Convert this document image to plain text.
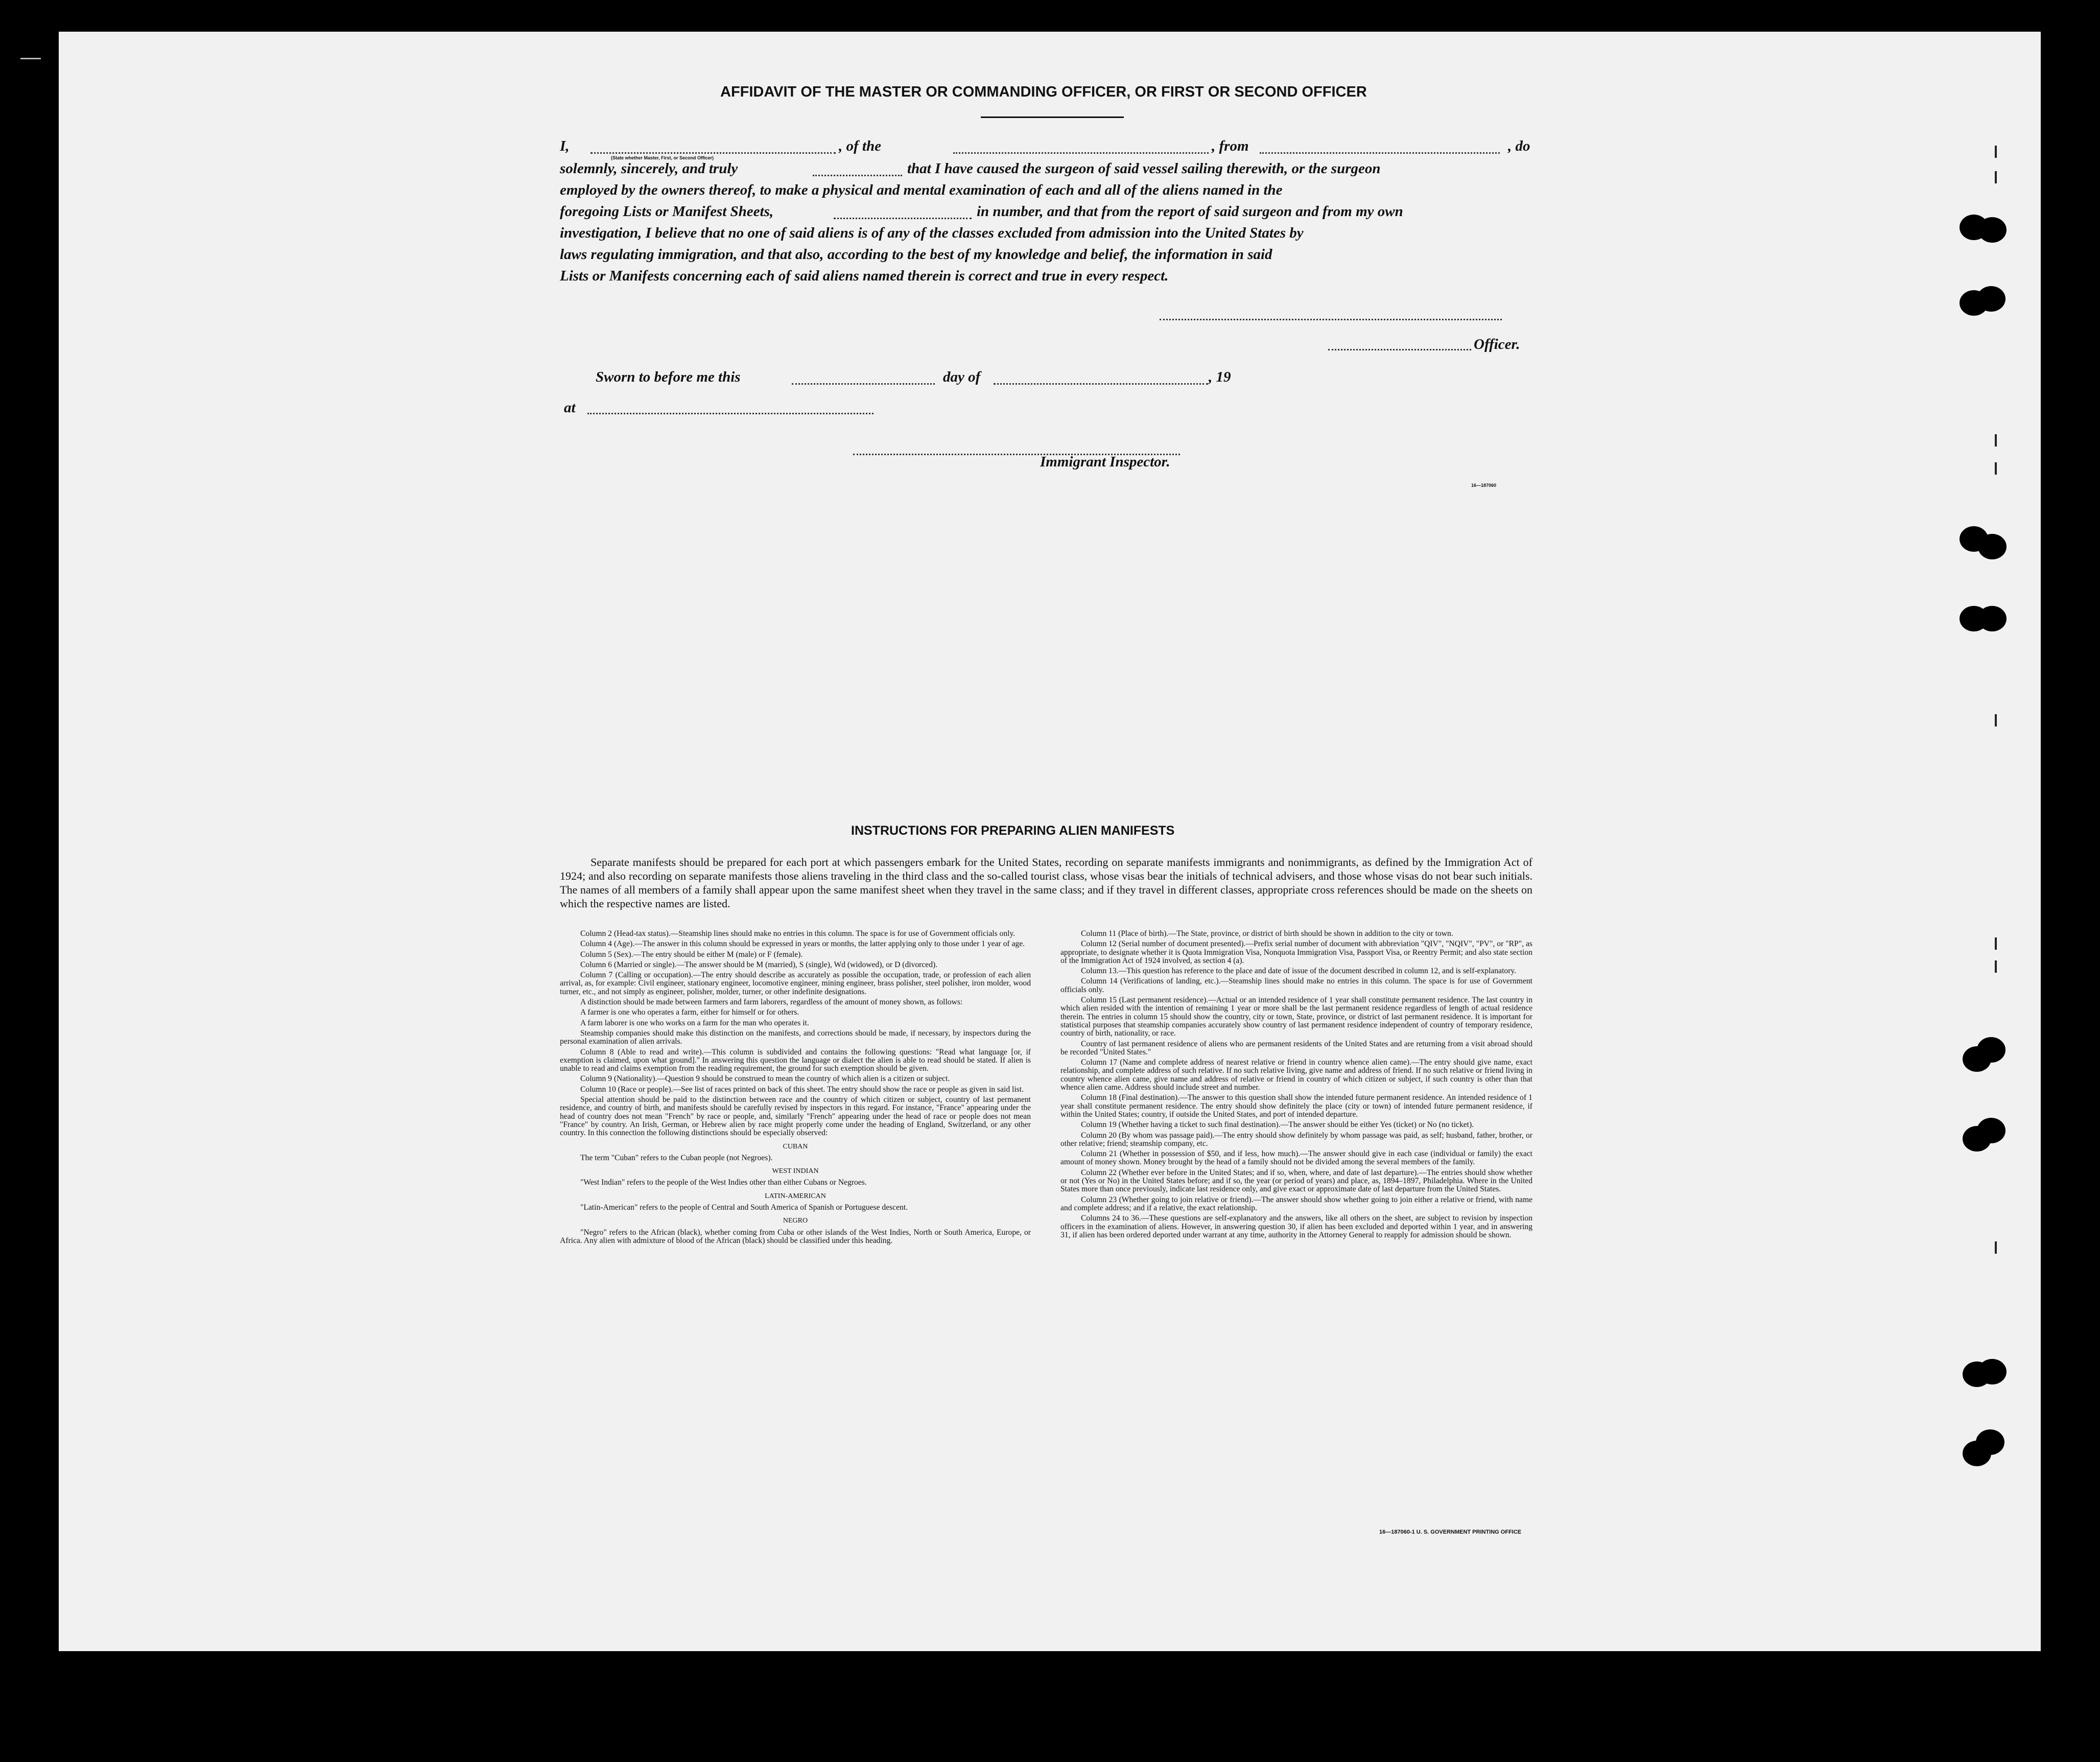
—
AFFIDAVIT OF THE MASTER OR COMMANDING OFFICER, OR FIRST OR SECOND OFFICER
I,	, of the	, from	, do
(State whether Master, First, or Second Officer)
solemnly, sincerely, and truly	that I have caused the surgeon of said vessel sailing therewith, or the surgeon
employed by the owners thereof, to make a physical and mental examination of each and all of the aliens named in the
foregoing Lists or Manifest Sheets,	in number, and that from the report of said surgeon and from my own
investigation, I believe that no one of said aliens is of any of the classes excluded from admission into the United States by
laws regulating immigration, and that also, according to the best of my knowledge and belief, the information in said
Lists or Manifests concerning each of said aliens named therein is correct and true in every respect.
Officer.
Sworn to before me this	day of	, 19
at
Immigrant Inspector.
16—187060
INSTRUCTIONS FOR PREPARING ALIEN MANIFESTS

Separate manifests should be prepared for each port at which passengers embark for the United States, recording on separate manifests immigrants and nonimmigrants, as defined by the Immigration Act of 1924; and also recording on separate manifests those aliens traveling in the third class and the so-called tourist class, whose visas bear the initials of technical advisers, and those whose visas do not bear such initials. The names of all members of a family shall appear upon the same manifest sheet when they travel in the same class; and if they travel in different classes, appropriate cross references should be made on the sheets on which the respective names are listed.

Column 2 (Head-tax status).—Steamship lines should make no entries in this column. The space is for use of Government officials only.

Column 4 (Age).—The answer in this column should be expressed in years or months, the latter applying only to those under 1 year of age.

Column 5 (Sex).—The entry should be either M (male) or F (female).

Column 6 (Married or single).—The answer should be M (married), S (single), Wd (widowed), or D (divorced).

Column 7 (Calling or occupation).—The entry should describe as accurately as possible the occupation, trade, or profession of each alien arrival, as, for example: Civil engineer, stationary engineer, locomotive engineer, mining engineer, brass polisher, steel polisher, iron molder, wood turner, etc., and not simply as engineer, polisher, molder, turner, or other indefinite designations.

A distinction should be made between farmers and farm laborers, regardless of the amount of money shown, as follows:

A farmer is one who operates a farm, either for himself or for others.

A farm laborer is one who works on a farm for the man who operates it.

Steamship companies should make this distinction on the manifests, and corrections should be made, if necessary, by inspectors during the personal examination of alien arrivals.

Column 8 (Able to read and write).—This column is subdivided and contains the following questions: "Read what language [or, if exemption is claimed, upon what ground]." In answering this question the language or dialect the alien is able to read should be stated. If alien is unable to read and claims exemption from the reading requirement, the ground for such exemption should be given.

Column 9 (Nationality).—Question 9 should be construed to mean the country of which alien is a citizen or subject.

Column 10 (Race or people).—See list of races printed on back of this sheet. The entry should show the race or people as given in said list.

Special attention should be paid to the distinction between race and the country of which citizen or subject, country of last permanent residence, and country of birth, and manifests should be carefully revised by inspectors in this regard. For instance, "France" appearing under the head of country does not mean "French" by race or people, and, similarly "French" appearing under the head of race or people does not mean "France" by country. An Irish, German, or Hebrew alien by race might properly come under the heading of England, Switzerland, or any other country. In this connection the following distinctions should be especially observed:

CUBAN

The term "Cuban" refers to the Cuban people (not Negroes).

WEST INDIAN

"West Indian" refers to the people of the West Indies other than either Cubans or Negroes.

LATIN-AMERICAN

"Latin-American" refers to the people of Central and South America of Spanish or Portuguese descent.

NEGRO

"Negro" refers to the African (black), whether coming from Cuba or other islands of the West Indies, North or South America, Europe, or Africa. Any alien with admixture of blood of the African (black) should be classified under this heading.

Column 11 (Place of birth).—The State, province, or district of birth should be shown in addition to the city or town.

Column 12 (Serial number of document presented).—Prefix serial number of document with abbreviation "QIV", "NQIV", "PV", or "RP", as appropriate, to designate whether it is Quota Immigration Visa, Nonquota Immigration Visa, Passport Visa, or Reentry Permit; and also state section of the Immigration Act of 1924 involved, as section 4 (a).

Column 13.—This question has reference to the place and date of issue of the document described in column 12, and is self-explanatory.

Column 14 (Verifications of landing, etc.).—Steamship lines should make no entries in this column. The space is for use of Government officials only.

Column 15 (Last permanent residence).—Actual or an intended residence of 1 year shall constitute permanent residence. The last country in which alien resided with the intention of remaining 1 year or more shall be the last permanent residence regardless of length of actual residence therein. The entries in column 15 should show the country, city or town, State, province, or district of last permanent residence. It is important for statistical purposes that steamship companies accurately show country of last permanent residence independent of country of temporary residence, country of birth, nationality, or race.

Country of last permanent residence of aliens who are permanent residents of the United States and are returning from a visit abroad should be recorded "United States."

Column 17 (Name and complete address of nearest relative or friend in country whence alien came).—The entry should give name, exact relationship, and complete address of such relative. If no such relative living, give name and address of friend. If no such relative or friend living in country whence alien came, give name and address of relative or friend in country of which citizen or subject, if such country is other than that whence alien came. Address should include street and number.

Column 18 (Final destination).—The answer to this question shall show the intended future permanent residence. An intended residence of 1 year shall constitute permanent residence. The entry should show definitely the place (city or town) of intended future permanent residence, if within the United States; country, if outside the United States, and port of intended departure.

Column 19 (Whether having a ticket to such final destination).—The answer should be either Yes (ticket) or No (no ticket).

Column 20 (By whom was passage paid).—The entry should show definitely by whom passage was paid, as self; husband, father, brother, or other relative; friend; steamship company, etc.

Column 21 (Whether in possession of $50, and if less, how much).—The answer should give in each case (individual or family) the exact amount of money shown. Money brought by the head of a family should not be divided among the several members of the family.

Column 22 (Whether ever before in the United States; and if so, when, where, and date of last departure).—The entries should show whether or not (Yes or No) in the United States before; and if so, the year (or period of years) and place, as, 1894–1897, Philadelphia. Where in the United States more than once previously, indicate last residence only, and give exact or approximate date of last departure from the United States.

Column 23 (Whether going to join relative or friend).—The answer should show whether going to join either a relative or friend, with name and complete address; and if a relative, the exact relationship.

Columns 24 to 36.—These questions are self-explanatory and the answers, like all others on the sheet, are subject to revision by inspection officers in the examination of aliens. However, in answering question 30, if alien has been excluded and deported within 1 year, and in answering 31, if alien has been ordered deported under warrant at any time, authority in the Attorney General to reapply for admission should be shown.

16—187060-1 U. S. GOVERNMENT PRINTING OFFICE
